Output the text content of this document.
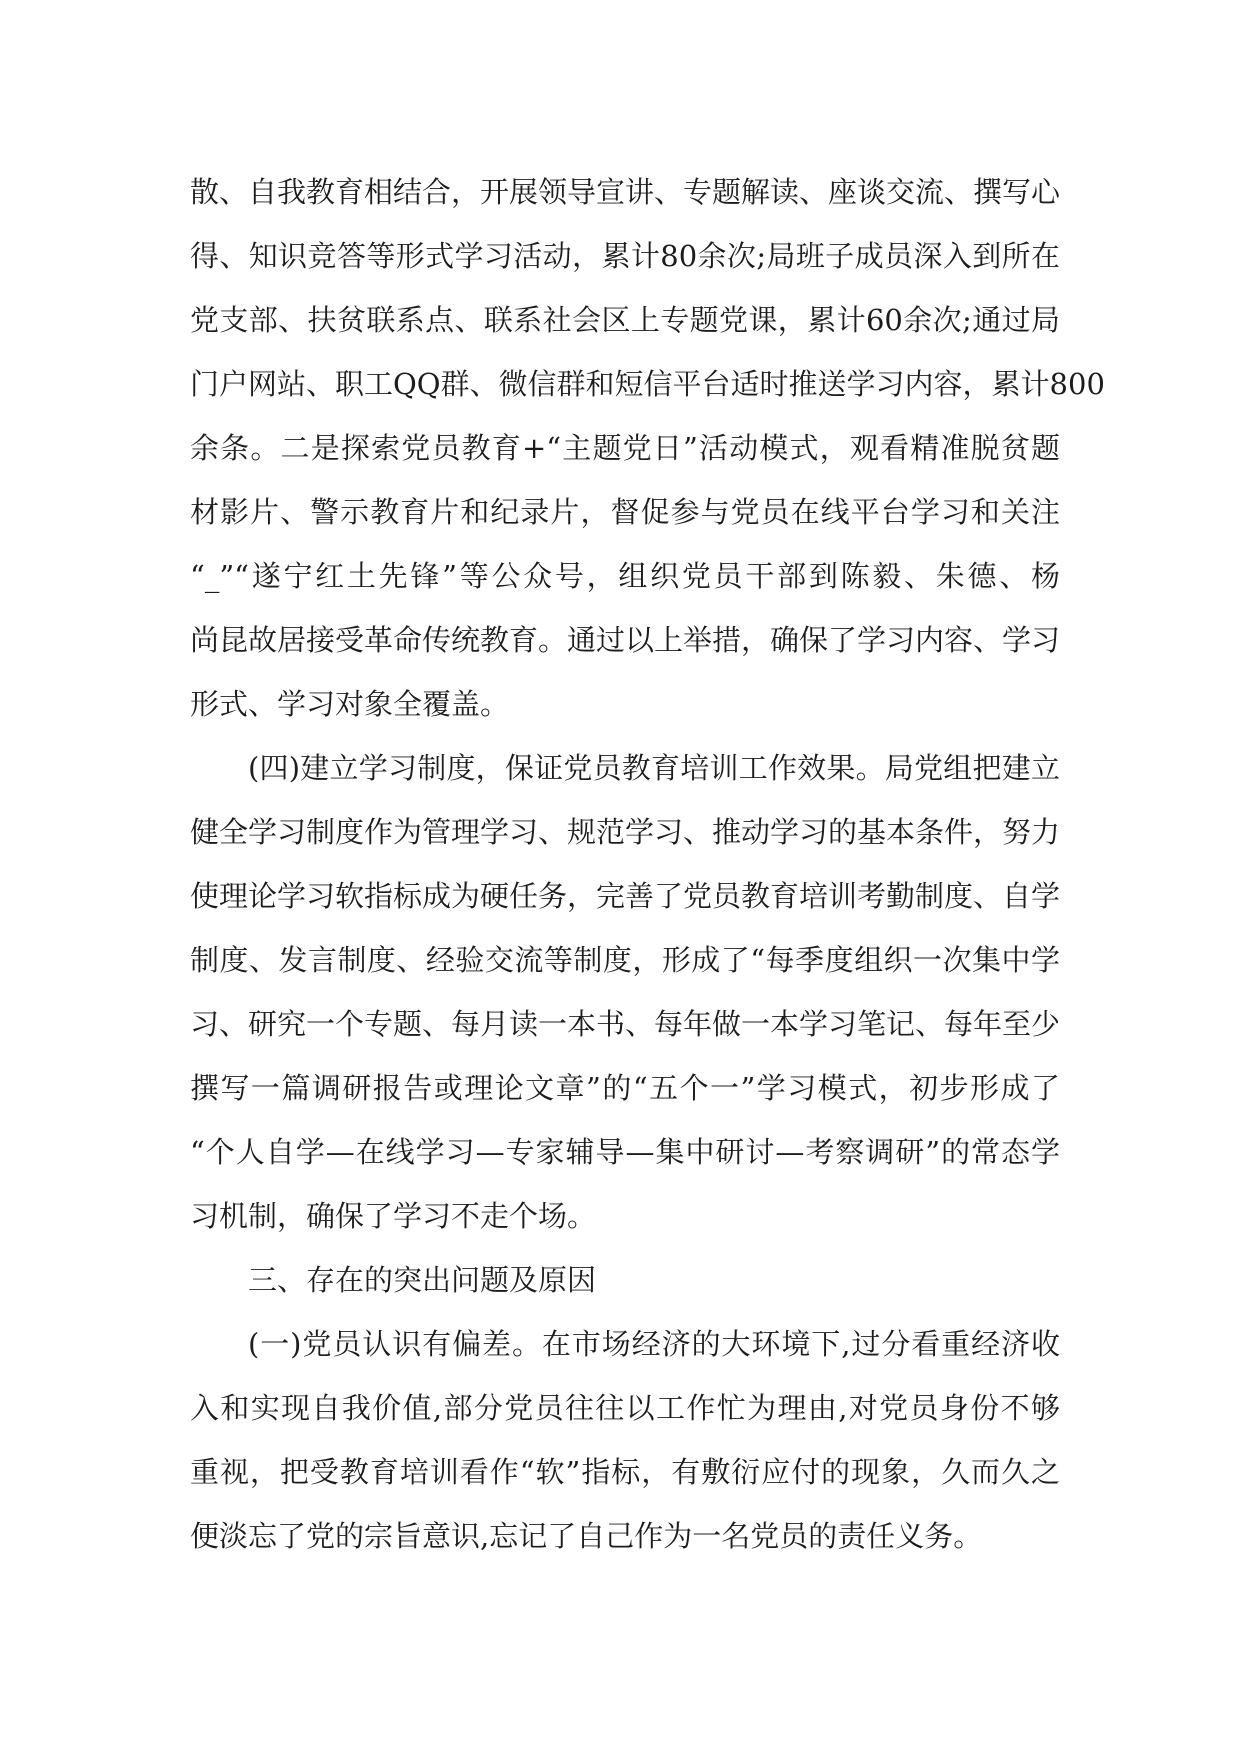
散、自我教育相结合，开展领导宣讲、专题解读、座谈交流、撰写心
得、知识竞答等形式学习活动，累计80余次;局班子成员深入到所在
党支部、扶贫联系点、联系社会区上专题党课，累计60余次;通过局
门户网站、职工QQ群、微信群和短信平台适时推送学习内容，累计800
余条。二是探索党员教育+“主题党日”活动模式，观看精准脱贫题
材影片、警示教育片和纪录片，督促参与党员在线平台学习和关注
“_”“遂宁红土先锋”等公众号，组织党员干部到陈毅、朱德、杨
尚昆故居接受革命传统教育。通过以上举措，确保了学习内容、学习
形式、学习对象全覆盖。
(四)建立学习制度，保证党员教育培训工作效果。局党组把建立
健全学习制度作为管理学习、规范学习、推动学习的基本条件，努力
使理论学习软指标成为硬任务，完善了党员教育培训考勤制度、自学
制度、发言制度、经验交流等制度，形成了“每季度组织一次集中学
习、研究一个专题、每月读一本书、每年做一本学习笔记、每年至少
撰写一篇调研报告或理论文章”的“五个一”学习模式，初步形成了
“个人自学—在线学习—专家辅导—集中研讨—考察调研”的常态学
习机制，确保了学习不走个场。
三、存在的突出问题及原因
(一)党员认识有偏差。在市场经济的大环境下,过分看重经济收
入和实现自我价值,部分党员往往以工作忙为理由,对党员身份不够
重视，把受教育培训看作“软”指标，有敷衍应付的现象，久而久之
便淡忘了党的宗旨意识,忘记了自己作为一名党员的责任义务。
